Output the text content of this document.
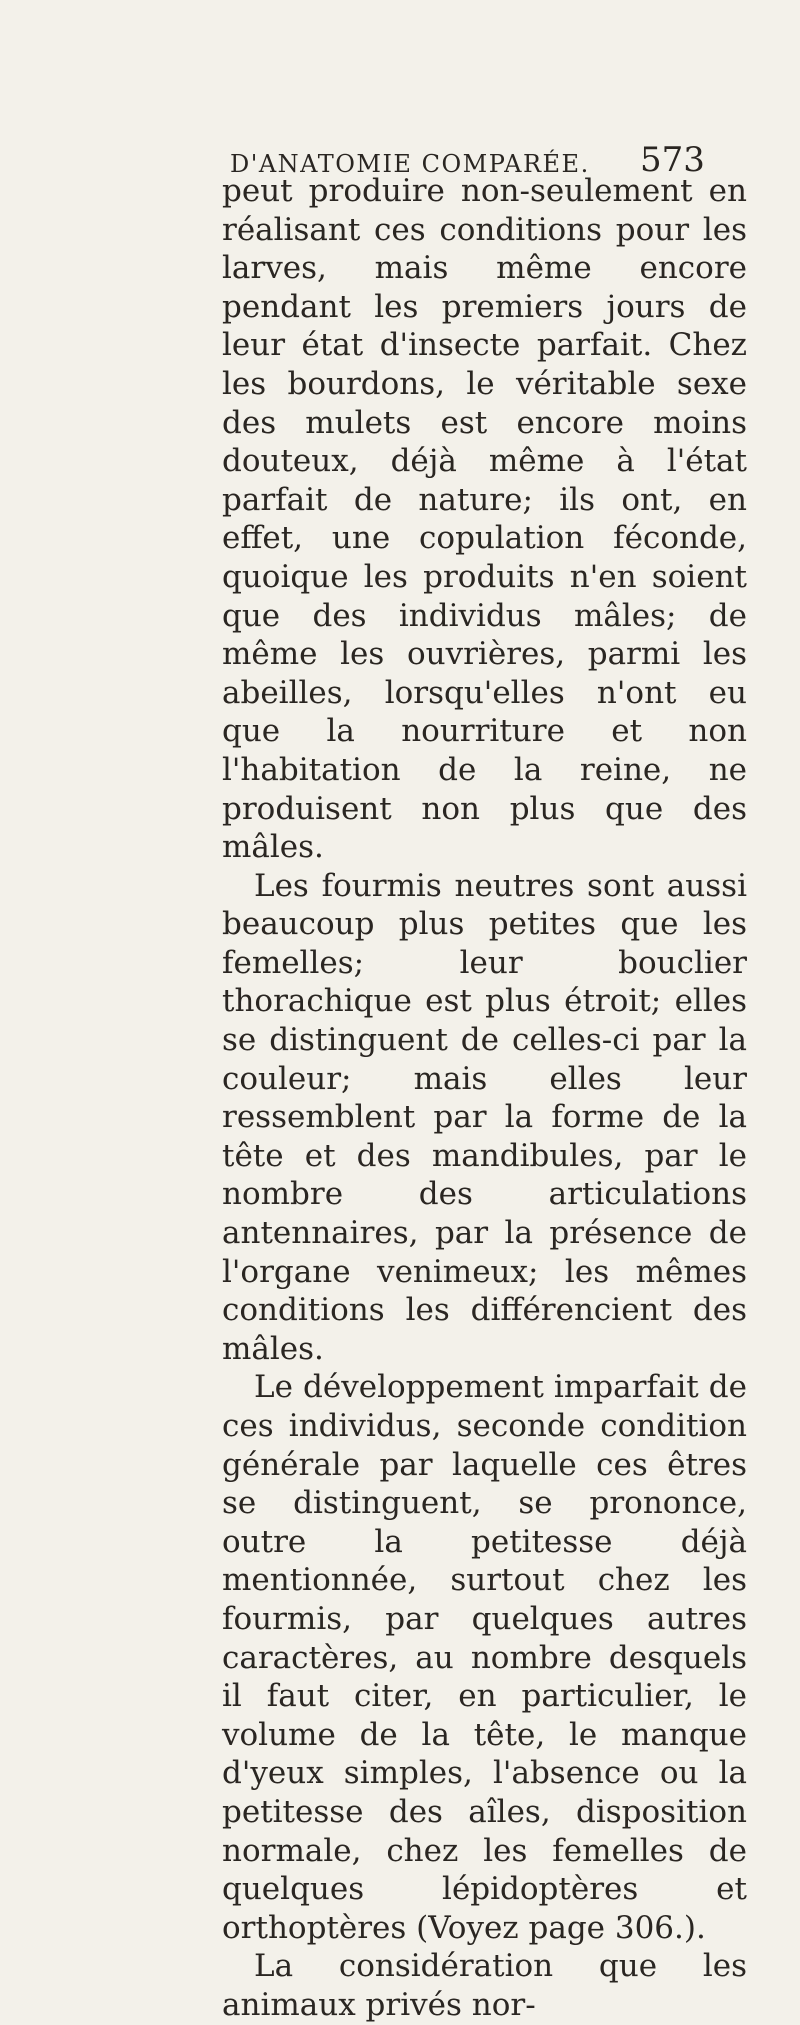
D'ANATOMIE COMPARÉE.	573

peut produire non-seulement en réalisant ces conditions pour les larves, mais même encore pendant les premiers jours de leur état d'insecte parfait. Chez les bourdons, le véritable sexe des mulets est encore moins douteux, déjà même à l'état parfait de nature; ils ont, en effet, une copulation féconde, quoique les produits n'en soient que des individus mâles; de même les ouvrières, parmi les abeilles, lorsqu'elles n'ont eu que la nourriture et non l'habitation de la reine, ne produisent non plus que des mâles.

Les fourmis neutres sont aussi beaucoup plus petites que les femelles; leur bouclier thorachique est plus étroit; elles se distinguent de celles-ci par la couleur; mais elles leur ressemblent par la forme de la tête et des mandibules, par le nombre des articulations antennaires, par la présence de l'organe venimeux; les mêmes conditions les différencient des mâles.

Le développement imparfait de ces individus, seconde condition générale par laquelle ces êtres se distinguent, se prononce, outre la petitesse déjà mentionnée, surtout chez les fourmis, par quelques autres caractères, au nombre desquels il faut citer, en particulier, le volume de la tête, le manque d'yeux simples, l'absence ou la petitesse des aîles, disposition normale, chez les femelles de quelques lépidoptères et orthoptères (Voyez page 306.).

La considération que les animaux privés nor-
